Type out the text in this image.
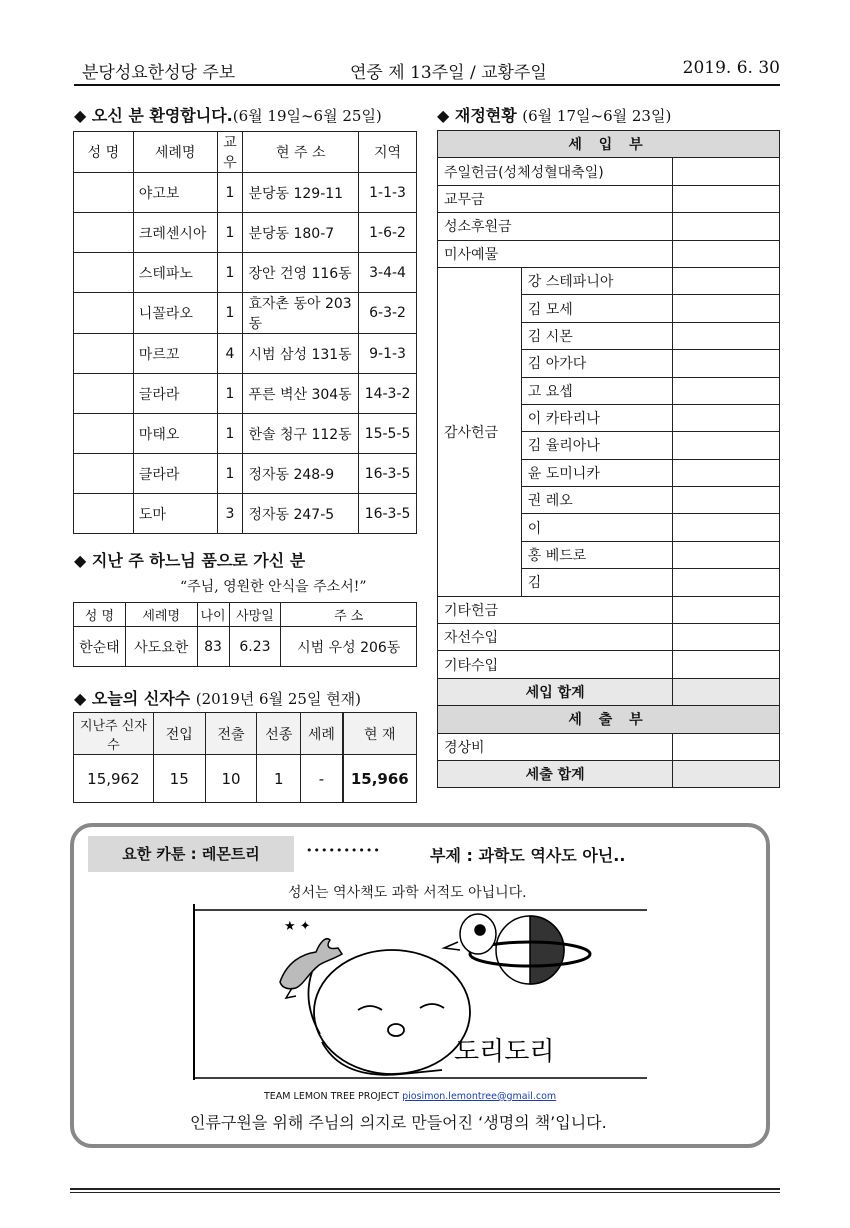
분당성요한성당 주보	연중 제 13주일 / 교황주일	2019. 6. 30
◆ 오신 분 환영합니다.(6월 19일~6월 25일)
성 명	세례명	교우	현 주 소	지역
	야고보	1	분당동 129-11	1-1-3
	크레센시아	1	분당동 180-7	1-6-2
	스테파노	1	장안 건영 116동	3-4-4
	니꼴라오	1	효자촌 동아 203동	6-3-2
	마르꼬	4	시범 삼성 131동	9-1-3
	글라라	1	푸른 벽산 304동	14-3-2
	마태오	1	한솔 청구 112동	15-5-5
	클라라	1	정자동 248-9	16-3-5
	도마	3	정자동 247-5	16-3-5
◆ 지난 주 하느님 품으로 가신 분
“주님, 영원한 안식을 주소서!”
성 명	세례명	나이	사망일	주 소
한순태	사도요한	83	6.23	시범 우성 206동
◆ 오늘의 신자수 (2019년 6월 25일 현재)
지난주 신자수	전입	전출	선종	세례	현 재
15,962	15	10	1	-	15,966
◆ 재정현황 (6월 17일~6월 23일)
세 입 부		
주일헌금(성체성혈대축일)		
교무금		
성소후원금		
미사예물		
감사헌금	강 스테파니아	
	김 모세	
	김 시몬	
	김 아가다	
	고 요셉	
	이 카타리나	
	김 율리아나	
	윤 도미니카	
	권 레오	
	이	
	홍 베드로	
	김	
기타헌금		
자선수입		
기타수입		
세입 합계		
세 출 부		
경상비		
세출 합계		
요한 카툰 : 레몬트리	••••••••••	부제 : 과학도 역사도 아닌..
성서는 역사책도 과학 서적도 아닙니다.
★ ✦
도리도리
TEAM LEMON TREE PROJECT piosimon.lemontree@gmail.com
인류구원을 위해 주님의 의지로 만들어진 ‘생명의 책’입니다.
